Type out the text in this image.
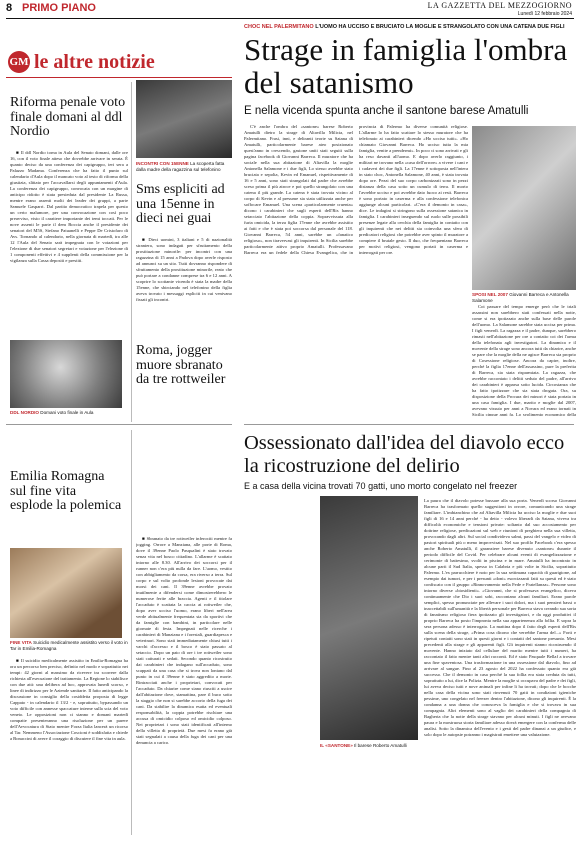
8 PRIMO PIANO	LA GAZZETTA DEL MEZZOGIORNO
Lunedì 12 febbraio 2024
GM le altre notizie
Riforma penale voto finale domani al ddl Nordio

■ Il ddl Nordio torna in Aula del Senato domani, dalle ore 16, con il voto finale atteso che dovrebbe arrivare in serata. È quanto deciso da una conferenza dei capigruppo, ieri sera a Palazzo Madama. Conferenza che ha fatto il punto sul calendario d'Aula dopo il mancato voto al testo di riforma della giustizia, slittato per l'accavallarsi degli appuntamenti d'Aula. La conferenza dei capigruppo, convocata con un margine di anticipo ridotto è stata presieduta dal presidente La Russa, mentre erano assenti molti dei leader dei gruppi, a parte Samuele Gasparri. Dal partito democratico trapela per questo un certo malumore, per una convocazione con così poco preavviso, visto il carattere importante dei temi toccati. Per le nove assenti le parte il dem Boccia anche il presidente dei senatori del M5S, Stefano Patuanelli e Peppe De Cristofaro di Avs. Tornando al calendario, nella giornata di martedì, tra alle 12 l'Aula del Senato sarà impegnata con le votazioni per l'elezione di due senatori segretari e votazione per l'elezione di 1 componenti effettivi e 4 supplenti della commissione per la vigilanza sulla Cassa depositi e prestiti.

DDL NORDIO Domani voto finale in Aula
INCONTRI CON 15ENNE La scoperta fatta dalla madre della ragazzina sul telefonino
Sms espliciti ad una 15enne in dieci nei guai

■ Dieci uomini, 3 italiani e 5 di nazionalità straniera, sono indagati per sfruttamento della prostituzione minorile: per incontri con una ragazzina di 15 anni a Padova dopo averle risposto ad annunci su un sito. Tutti dovranno rispondere di sfruttamento della prostituzione minorile, reato che può portare a condanne comprese tra 6 e 12 anni. A scoprire lo scottante vicenda è stata la madre della 15enne, che sbirciando nel telefonino della figlia aveva trovato i messaggi espliciti in cui venivano fissati gli incontri.

Roma, jogger muore sbranato da tre rottweiler
Emilia Romagna sul fine vita esplode la polemica
FINE VITA Suicidio medicalmente assistito verso il voto in Tar in Emilia-Romagna

■ Il suicidio medicalmente assistito in Emilia-Romagna ha ora un percorso ben preciso, definito nel modo e soprattutto nei tempi: 42 giorni al massimo da ricevere tra scorrere dalla richiesta all'esecuzione del trattamento. La Regione lo stabilisce con due atti: una delibera ad hoc, approvata lunedì scorso, e linee di indirizzo per le Aziende sanitarie. Il fatto anticipando la discussione in consiglio della cosiddetta proposta di legge Cappato - in calendario il 13/2 - e, soprattutto, bypassando un voto difficile con annesse spaccature interne sulla scia del voto veneto. Le opposizioni non ci stanno e domani martedì compatte presenteranno una risoluzione per un parere dell'Avvocatura di Stato mentre Forza Italia lancerà un ricorso al Tar. Nemmeno l'Associazione Coscioni è soddisfatta e chiede a Bonaccini di avere il coraggio di discutere il fine vita in aula.

■ Sbranato da tre rottweiler inferociti mentre fa jogging. Orrore a Manziana, alle porte di Roma, dove il 39enne Paolo Pasqualini è stato trovato senza vita nel bosco cittadino. L'allarme è scattato intorno alle 8.30. All'arrivo dei soccorsi per il runner non c'era più nulla da fare. L'uomo, vestito con abbigliamento da corsa, era riverso a terra. Sul corpo e sul volto profonde lesioni provocate dai morsi dei cani. Il 39enne avrebbe provato inutilmente a difendersi come dimostrerebbero le numerose ferite alle braccia. Agenti e il titolare l'accaduto è scattata la caccia ai rottweiler che, dopo aver ucciso l'uomo, erano liberi nell'area verde abitualmente frequentata sia da sportivi che da famiglie con bambini, in particolare nelle giornate di festa. Impegnati nelle ricerche i carabinieri di Manziana e i forestali, guardiapesca e veterinari. Sono stati immediatamente chiusi tutti i varchi d'accesso e il bosco è stato passato al setaccio. Dopo un paio di ore i tre rottweiler sono stati catturati e sedati. Secondo quanto ricostruito dai carabinieri che indagano sull'accaduto, sono scappati da una casa che si trova non lontano dal punto in cui il 39enne è stato aggredito a morte. Rintracciati anche i proprietari, convocati per l'accaduto. Da chiarire come siano riusciti a uscire dall'abitazione dove, stamattina, pare il buco sotto la staggio che non si sarebbe accorto della fuga dei cani. Da stabilire la dinamica esatta ed eventuali responsabilità, la coppia potrebbe rischiare una accusa di omicidio colposo ed omicidio colposo. Nei proprietari i sono stati identificati all'interno della villetta di proprietà. Due mesi fa erano già stati segnalati a causa della fuga dei cani per una denuncia a carico.

CHOC NEL PALERMITANO L'UOMO HA UCCISO E BRUCIATO LA MOGLIE E STRANGOLATO CON UNA CATENA DUE FIGLI
Strage in famiglia l'ombra del satanismo
E nella vicenda spunta anche il santone barese Amatulli

C'è anche l'ombra del «santone» barese Roberto Amatulli dietro la strage di Altavilla Milicia, nel Palermitano. Frasi, inni, e deliranti teorie su Satana di Amatulli, particolarmente barese ateo posizionato quest'anno in crescendo, gastone uniti stati seguiti sulla pagina facebook di Giovanni Barreca. Il muratore che ha sociale nella sua abitazione di Altavilla la moglie Antonella Salamone e i due figli, Lo stesso avrebbe stato bruciata e sepolta, Kevin ed Emanuel, rispettivamente di 16 e 5 anni, sono stati strangolati dal padre che avrebbe sceso prima il più atroce e poi quello strangolato con una catena il più grande. La catena è stata trovata vicino al corpo di Kevin e al presume sia stata utilizzata anche per soffocare Emanuel. Una scena «particolarmente cruenta» dicono i carabinieri che sugli esperti dell'Ris hanno setacciato l'abitazione della coppia. Sopravvissuta alla furia omicida, la terza figlia 17enne che avrebbe assistito ai fatti e che è stata poi soccorsa dal personale del 118. Giovanni Barreca, 54 anni, sarebbe un «fanatico religioso», non tiravervasi gli inquirenti. In Sicilia sarebbe particolarmente attivo proprio Amatulli. Professavano Barreca era un fedele della Chiesa Evangelica, che in provincia di Palermo ha diverse comunità religiose. L'allarme lo ha fatto scattare lo stesso muratore che ha telefonato ai carabinieri dicendo «Ho ucciso tutti». «Ho chiamato Giovanni Barreca. Ho ucciso tutta la mia famiglia, venite a prendermi». In poco ci sono arrivati e gli ha reso davanti all'uomo. E dopo averlo raggiunto, i militari ne trovano nella «casa dell'orrore» a vivere i cani e i cadaveri dei due figli. La 17enne è sottoposta nell'intera in stato choc, Antonella Salamone, 40 anni, è stata trovata dopo ore. Pezzi del suo corpo carbonizzati sono in pezzi distanza della casa sotto un cumulo di terra. Il morto l'avrebbe ucciso e poi avrebbe dato fuoco ai resti. Barreca è sono portato in caserma e alla confessione telefonica aggiunge alcuni particolari. «C'era il demonio in casa», dice. Le indagini si stringono sulla ossessione satanica in famiglia. I carabinieri inseguendo sul ruolo sulle possibili presenze legate alla cerchia della famiglia in contatto con gli inquirenti che nei delitti sia coinvolta una sfera di predicatori religiosi che potrebbe aver spinto il muratore a compiere il brutale gesto. Il duo, che frequentano Barreca per motivi religiosi, vengono portati in caserma e interrogati per ore.

SPOSI NEL 2007 Giovanni Barreca e Antonella Salamone

Coi passare del tempo emerge però che le triali assassini non sarebbero stati confessati nella notte, come si era ipotizzato anche sulla base delle parole dell'uomo. La Salamone sarebbe stata uccisa per prima. I figli venerdì. La ragazza e il padre, dunque, sarebbero rimasti nell'abitazione per ore a contatto coi dei l'arma della telefonata agli investigatori. La dinamica e il movente della strage sono ancora tutti da chiarire, anche se pare che la moglie della ne agisce Barreca sia proprio di Cosessione religiose. Ancora da capire, inoltre, perché la figlia 17enne dell'assassino, pure la preferita di Barreca, sia stata risparmiata. La ragazza, che avrebbe raccontato i delitti seduto del padre, all'arrivo dei carabinieri è apparsa sotto lucida. Circostanza che ha fatto ipotizzare che sia stata drogata. Ora, su disposizione della Procura dei minori è stata portata in una casa famiglia. I due, marito e moglie dal 2007, avevano vissuto per anni a Novara ed erano tornati in Sicilia cinque anni fa. Lo svolimento economico della

Ossessionato dall'idea del diavolo ecco la ricostruzione del delirio
E a casa della vicina trovati 70 gatti, uno morto congelato nel freezer
IL «SANTONE» Il barese Roberto Amatulli

La paura che il diavolo potesse bussare alla sua porta. Venerdì scorso Giovanni Barreca ha trasformato quello suggestioni in orrore, comunicando una strage familiare. L'imbianchino che ad Altavilla Milicia ha ucciso la moglie e due suoi figli di 16 e 14 anni perché - ha detto - volevo liberarli da Satana, viveva tra difficoltà economiche e tensioni private: soltanto dal suo accostamento per dottrine religiose, predicazioni sul web e riunioni di preghiera nella sua villetta, provocando dagli altri. Sul social condivideva salmi, passi del vangelo e video di pastori spirituali più o meno improvvisati. Nel suo profilo Facebook c'era spesso anche Roberto Amatulli, il garanziere barese divenuto «santone» durante il periodo difficile del Covid. Per celebrare alcuni eventi di evangelizzazione e cerimonie di battesimo, svolti in piscina e in mare. Amatulli ha incontrato in alcune parti il Sud Italia, spesso in Calabria e più volte in Sicilia, soprattutto Palermo. L'ex parrucchiere è noto per la sua settimana capacità di guarigione, ad esempio dai tumori, e per i presunti «doni» esorcizzanti fatti su questi ed è stato confiscato con il gruppo «Rinnovamento nella Fede e Fratellanza». Persone sono intorno diverse «biosidienti». «Giovanni, che si professava evangelico, diceva continuamente che Dio i suoi sobi, raccontano alcuni familiari. Erano parole semplici, spesso pronunciate per allevare i suoi dolori, ma i suoi pensieri bassi o inaccettabili sull'umanità e la libertà personale per Barreca stava creando sua sorta di fanatismo religioso fiera ipotizzato gli investigatori, e da oggi produttivi il proprio Barreca ha posto l'impronta nella sua appartenenza alla follia. E sopra la sera persona adesso è interrogato. La mattina dopo il fatto degli esperti dell'Ris sulla scena della strage, «Prima cosa dicono che verrebbe l'arma del...» Forti e ripetuti contatti sono stati in questi giorni e i contatti del santone presunto. Mesi precedenti alla strage e gli apparenti figli. Gli inquirenti stanno ricostruendo il movente. Hanno iniziato dal cellulare del marito mentre tutti i numeri, ha raccontato il fatto mentre tanti altri racconti. Ed è stato Pasquale Bellaf a trovare una fine spaventosa. Una trasformazione in una ossessione dal diavolo, fino ad arrivare al sangue. Fino al 23 agosto del 2022 ha confessato quanto era già successo. Che il demonio in casa perché la sua follia era stata creduta da tutti, soprattutto a lui, dice la Polizia. Mentre la moglie si occupava del padre e dei figli, lui aveva deciso tutti e nove animali per infine li ha trovati; dopo che le bocche nella casa della vicina sono stati rinvenuti 70 gatti in condizioni igieniche pessime, uno congelato nel freezer dentro l'abitazione, dicono gli inquirenti. È la condanna a una donna che conosceva la famiglia e che si trovava in sua compagnia. Altri elementi sono al vaglio dei carabinieri della compagnia di Bagheria che la notte della strage stavano per alcuni minuti. I figli ne avevano paura e la mostruosa storia familiare adesso dovrà emergere con la conferma delle analisi. Sotto la dinamica dell'evento e i gesti del padre dinanzi a un giudice, e solo dopo le autopsie potranno i magistrati emettere una valutazione.
